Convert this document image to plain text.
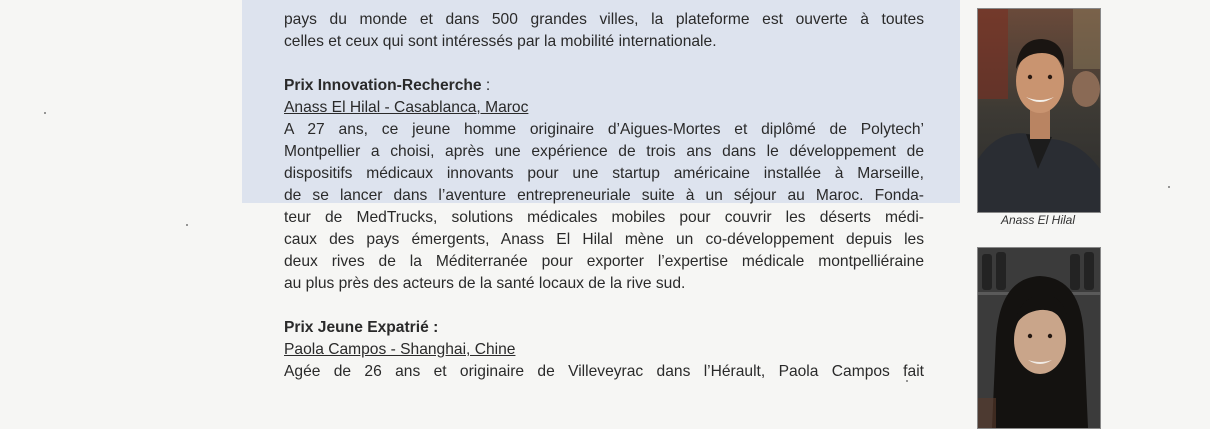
pays du monde et dans 500 grandes villes, la plateforme est ouverte à toutes
celles et ceux qui sont intéressés par la mobilité internationale.

Prix Innovation-Recherche :
Anass El Hilal - Casablanca, Maroc
A 27 ans, ce jeune homme originaire d’Aigues-Mortes et diplômé de Polytech’
Montpellier a choisi, après une expérience de trois ans dans le développement de
dispositifs médicaux innovants pour une startup américaine installée à Marseille,
de se lancer dans l’aventure entrepreneuriale suite à un séjour au Maroc. Fonda-
teur de MedTrucks, solutions médicales mobiles pour couvrir les déserts médi-
caux des pays émergents, Anass El Hilal mène un co-développement depuis les
deux rives de la Méditerranée pour exporter l’expertise médicale montpelliéraine
au plus près des acteurs de la santé locaux de la rive sud.

Prix Jeune Expatrié :
Paola Campos - Shanghai, Chine
Agée de 26 ans et originaire de Villeveyrac dans l’Hérault, Paola Campos fait

Anass El Hilal
